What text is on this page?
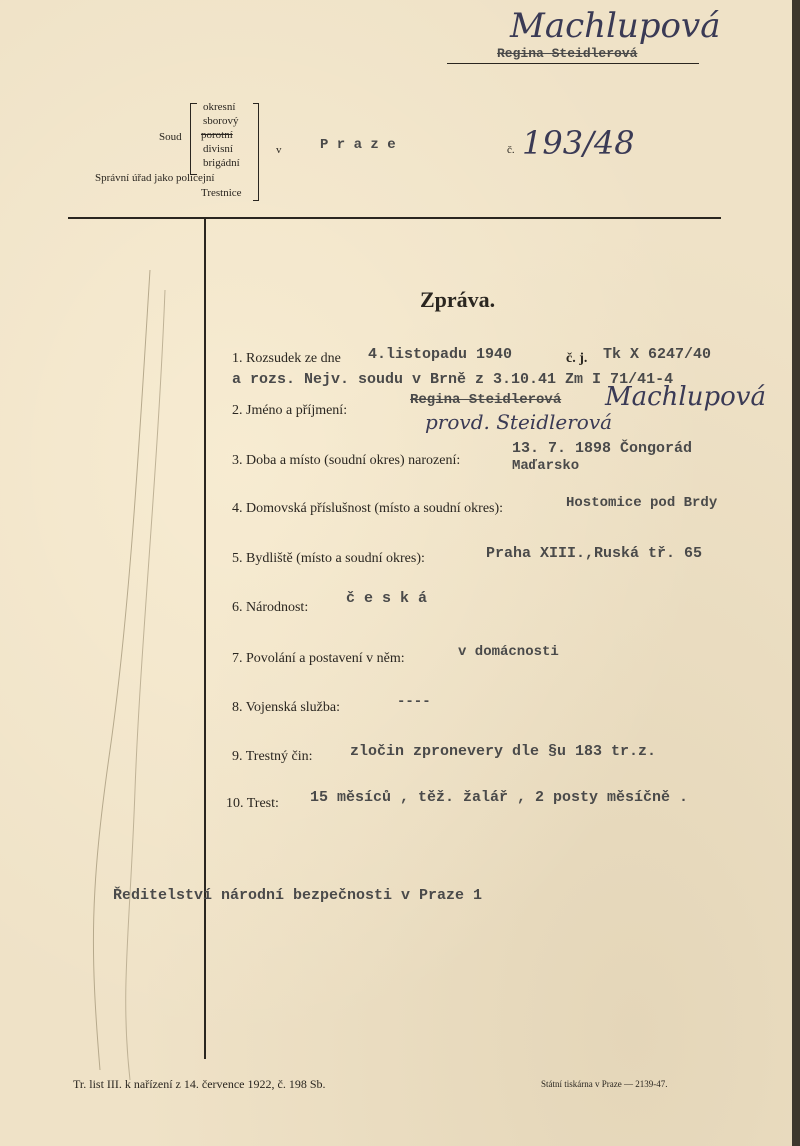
Machlupová
Regina Steidlerová
Soud
okresní
sborový
porotní
divisní
brigádní
Správní úřad jako policejní
Trestnice
v	P r a z e	č. 193/48
Zpráva.
1. Rozsudek ze dne 4.listopadu 1940	č. j. Tk X 6247/40
a rozs. Nejv. soudu v Brně z 3.10.41 Zm I 71/41-4
2. Jméno a příjmení:
Regina Steidlerová Machlupová
provd. Steidlerová
3. Doba a místo (soudní okres) narození:
13. 7. 1898 Čongorád
Maďarsko
4. Domovská příslušnost (místo a soudní okres):	Hostomice pod Brdy
5. Bydliště (místo a soudní okres):	Praha XIII.,Ruská tř. 65
6. Národnost:
č e s k á
7. Povolání a postavení v něm:	v domácnosti
8. Vojenská služba:	----
9. Trestný čin: zločin zpronevery dle §u 183 tr.z.
10. Trest: 15 měsíců , těž. žalář , 2 posty měsíčně .
Ředitelství národní bezpečnosti v Praze 1
Tr. list III. k nařízení z 14. července 1922, č. 198 Sb.	Státní tiskárna v Praze — 2139-47.
